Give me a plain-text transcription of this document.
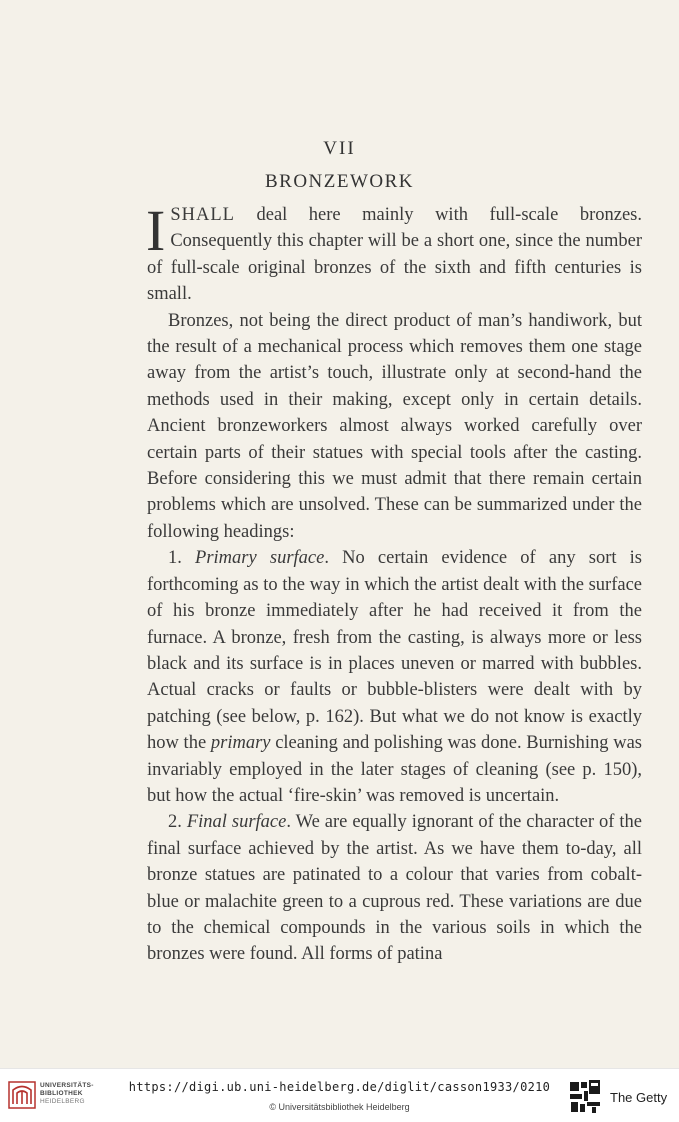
VII
BRONZEWORK

ISHALL deal here mainly with full-scale bronzes. Consequently this chapter will be a short one, since the number of full-scale original bronzes of the sixth and fifth centuries is small.

Bronzes, not being the direct product of man’s handiwork, but the result of a mechanical process which removes them one stage away from the artist’s touch, illustrate only at second-hand the methods used in their making, except only in certain details. Ancient bronzeworkers almost always worked carefully over certain parts of their statues with special tools after the casting. Before considering this we must admit that there remain certain problems which are unsolved. These can be summarized under the following headings:

1. Primary surface. No certain evidence of any sort is forthcoming as to the way in which the artist dealt with the surface of his bronze immediately after he had received it from the furnace. A bronze, fresh from the casting, is always more or less black and its surface is in places uneven or marred with bubbles. Actual cracks or faults or bubble-blisters were dealt with by patching (see below, p. 162). But what we do not know is exactly how the primary cleaning and polishing was done. Burnishing was invariably employed in the later stages of cleaning (see p. 150), but how the actual ‘fire-skin’ was removed is uncertain.

2. Final surface. We are equally ignorant of the character of the final surface achieved by the artist. As we have them to-day, all bronze statues are patinated to a colour that varies from cobalt-blue or malachite green to a cuprous red. These variations are due to the chemical compounds in the various soils in which the bronzes were found. All forms of patina

UNIVERSITÄTS-
BIBLIOTHEK
HEIDELBERG
https://digi.ub.uni-heidelberg.de/diglit/casson1933/0210
© Universitätsbibliothek Heidelberg
The Getty
